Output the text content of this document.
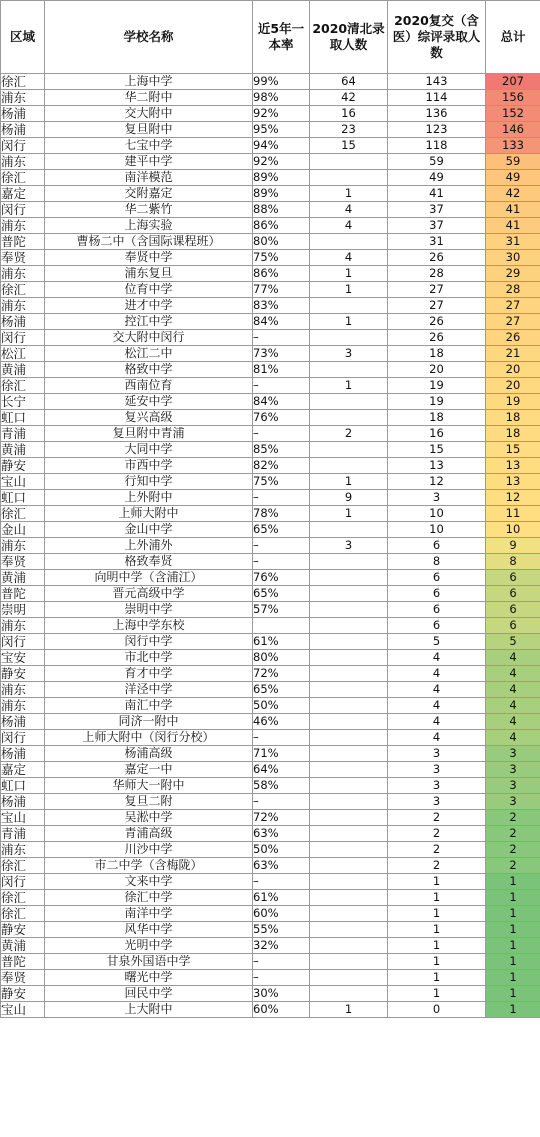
区域	学校名称	近5年一本率	2020清北录取人数	2020复交（含医）综评录取人数	总计
徐汇	上海中学	99%	64	143	207
浦东	华二附中	98%	42	114	156
杨浦	交大附中	92%	16	136	152
杨浦	复旦附中	95%	23	123	146
闵行	七宝中学	94%	15	118	133
浦东	建平中学	92%		59	59
徐汇	南洋模范	89%		49	49
嘉定	交附嘉定	89%	1	41	42
闵行	华二紫竹	88%	4	37	41
浦东	上海实验	86%	4	37	41
普陀	曹杨二中（含国际课程班）	80%		31	31
奉贤	奉贤中学	75%	4	26	30
浦东	浦东复旦	86%	1	28	29
徐汇	位育中学	77%	1	27	28
浦东	进才中学	83%		27	27
杨浦	控江中学	84%	1	26	27
闵行	交大附中闵行	–		26	26
松江	松江二中	73%	3	18	21
黄浦	格致中学	81%		20	20
徐汇	西南位育	–	1	19	20
长宁	延安中学	84%		19	19
虹口	复兴高级	76%		18	18
青浦	复旦附中青浦	–	2	16	18
黄浦	大同中学	85%		15	15
静安	市西中学	82%		13	13
宝山	行知中学	75%	1	12	13
虹口	上外附中	–	9	3	12
徐汇	上师大附中	78%	1	10	11
金山	金山中学	65%		10	10
浦东	上外浦外	–	3	6	9
奉贤	格致奉贤	–		8	8
黄浦	向明中学（含浦江）	76%		6	6
普陀	晋元高级中学	65%		6	6
崇明	崇明中学	57%		6	6
浦东	上海中学东校			6	6
闵行	闵行中学	61%		5	5
宝安	市北中学	80%		4	4
静安	育才中学	72%		4	4
浦东	洋泾中学	65%		4	4
浦东	南汇中学	50%		4	4
杨浦	同济一附中	46%		4	4
闵行	上师大附中（闵行分校）	–		4	4
杨浦	杨浦高级	71%		3	3
嘉定	嘉定一中	64%		3	3
虹口	华师大一附中	58%		3	3
杨浦	复旦二附	–		3	3
宝山	吴淞中学	72%		2	2
青浦	青浦高级	63%		2	2
浦东	川沙中学	50%		2	2
徐汇	市二中学（含梅陇）	63%		2	2
闵行	文来中学	–		1	1
徐汇	徐汇中学	61%		1	1
徐汇	南洋中学	60%		1	1
静安	风华中学	55%		1	1
黄浦	光明中学	32%		1	1
普陀	甘泉外国语中学	–		1	1
奉贤	曙光中学	–		1	1
静安	回民中学	30%		1	1
宝山	上大附中	60%	1	0	1
